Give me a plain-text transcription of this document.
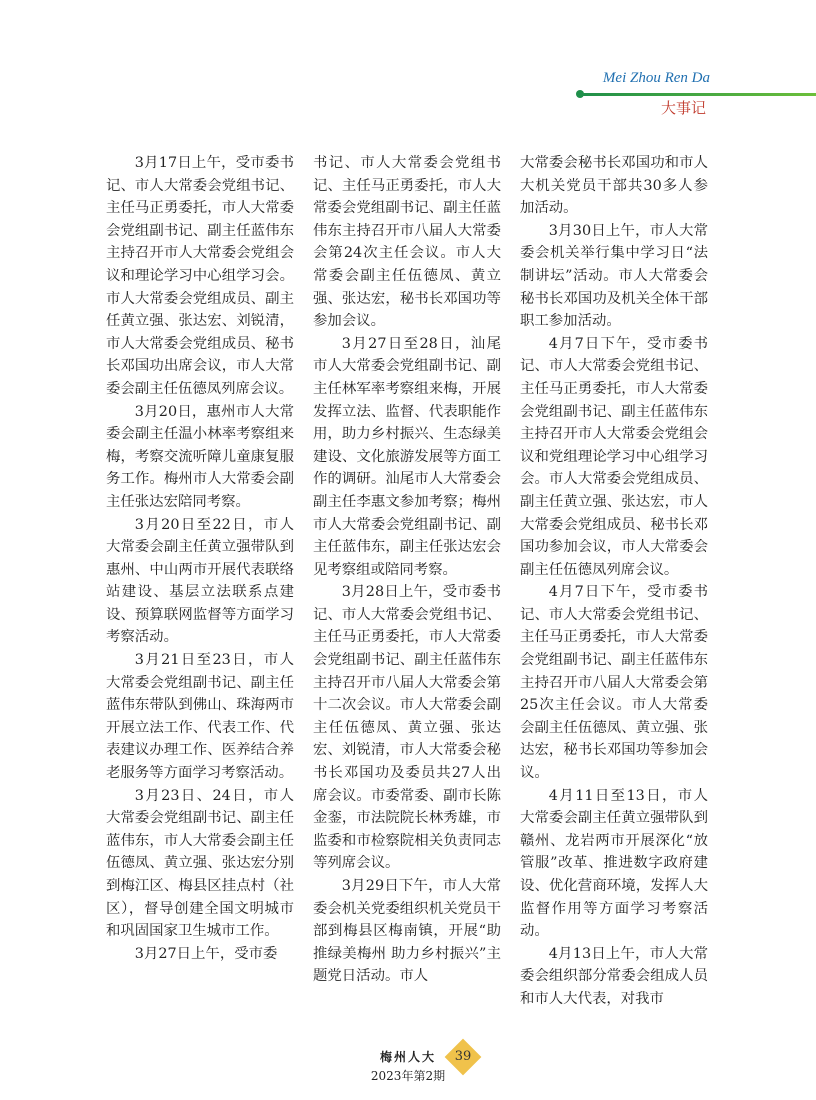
Mei Zhou Ren Da
大事记

3月17日上午，受市委书记、市人大常委会党组书记、主任马正勇委托，市人大常委会党组副书记、副主任蓝伟东主持召开市人大常委会党组会议和理论学习中心组学习会。市人大常委会党组成员、副主任黄立强、张达宏、刘锐清，市人大常委会党组成员、秘书长邓国功出席会议，市人大常委会副主任伍德凤列席会议。

3月20日，惠州市人大常委会副主任温小林率考察组来梅，考察交流听障儿童康复服务工作。梅州市人大常委会副主任张达宏陪同考察。

3月20日至22日，市人大常委会副主任黄立强带队到惠州、中山两市开展代表联络站建设、基层立法联系点建设、预算联网监督等方面学习考察活动。

3月21日至23日，市人大常委会党组副书记、副主任蓝伟东带队到佛山、珠海两市开展立法工作、代表工作、代表建议办理工作、医养结合养老服务等方面学习考察活动。

3月23日、24日，市人大常委会党组副书记、副主任蓝伟东，市人大常委会副主任伍德凤、黄立强、张达宏分别到梅江区、梅县区挂点村（社区），督导创建全国文明城市和巩固国家卫生城市工作。

3月27日上午，受市委

书记、市人大常委会党组书记、主任马正勇委托，市人大常委会党组副书记、副主任蓝伟东主持召开市八届人大常委会第24次主任会议。市人大常委会副主任伍德凤、黄立强、张达宏，秘书长邓国功等参加会议。

3月27日至28日，汕尾市人大常委会党组副书记、副主任林军率考察组来梅，开展发挥立法、监督、代表职能作用，助力乡村振兴、生态绿美建设、文化旅游发展等方面工作的调研。汕尾市人大常委会副主任李惠文参加考察；梅州市人大常委会党组副书记、副主任蓝伟东，副主任张达宏会见考察组或陪同考察。

3月28日上午，受市委书记、市人大常委会党组书记、主任马正勇委托，市人大常委会党组副书记、副主任蓝伟东主持召开市八届人大常委会第十二次会议。市人大常委会副主任伍德凤、黄立强、张达宏、刘锐清，市人大常委会秘书长邓国功及委员共27人出席会议。市委常委、副市长陈金銮，市法院院长林秀雄，市监委和市检察院相关负责同志等列席会议。

3月29日下午，市人大常委会机关党委组织机关党员干部到梅县区梅南镇，开展“助推绿美梅州 助力乡村振兴”主题党日活动。市人

大常委会秘书长邓国功和市人大机关党员干部共30多人参加活动。

3月30日上午，市人大常委会机关举行集中学习日“法制讲坛”活动。市人大常委会秘书长邓国功及机关全体干部职工参加活动。

4月7日下午，受市委书记、市人大常委会党组书记、主任马正勇委托，市人大常委会党组副书记、副主任蓝伟东主持召开市人大常委会党组会议和党组理论学习中心组学习会。市人大常委会党组成员、副主任黄立强、张达宏，市人大常委会党组成员、秘书长邓国功参加会议，市人大常委会副主任伍德凤列席会议。

4月7日下午，受市委书记、市人大常委会党组书记、主任马正勇委托，市人大常委会党组副书记、副主任蓝伟东主持召开市八届人大常委会第25次主任会议。市人大常委会副主任伍德凤、黄立强、张达宏，秘书长邓国功等参加会议。

4月11日至13日，市人大常委会副主任黄立强带队到赣州、龙岩两市开展深化“放管服”改革、推进数字政府建设、优化营商环境，发挥人大监督作用等方面学习考察活动。

4月13日上午，市人大常委会组织部分常委会组成人员和市人大代表，对我市

梅州人大
2023年第2期
39
